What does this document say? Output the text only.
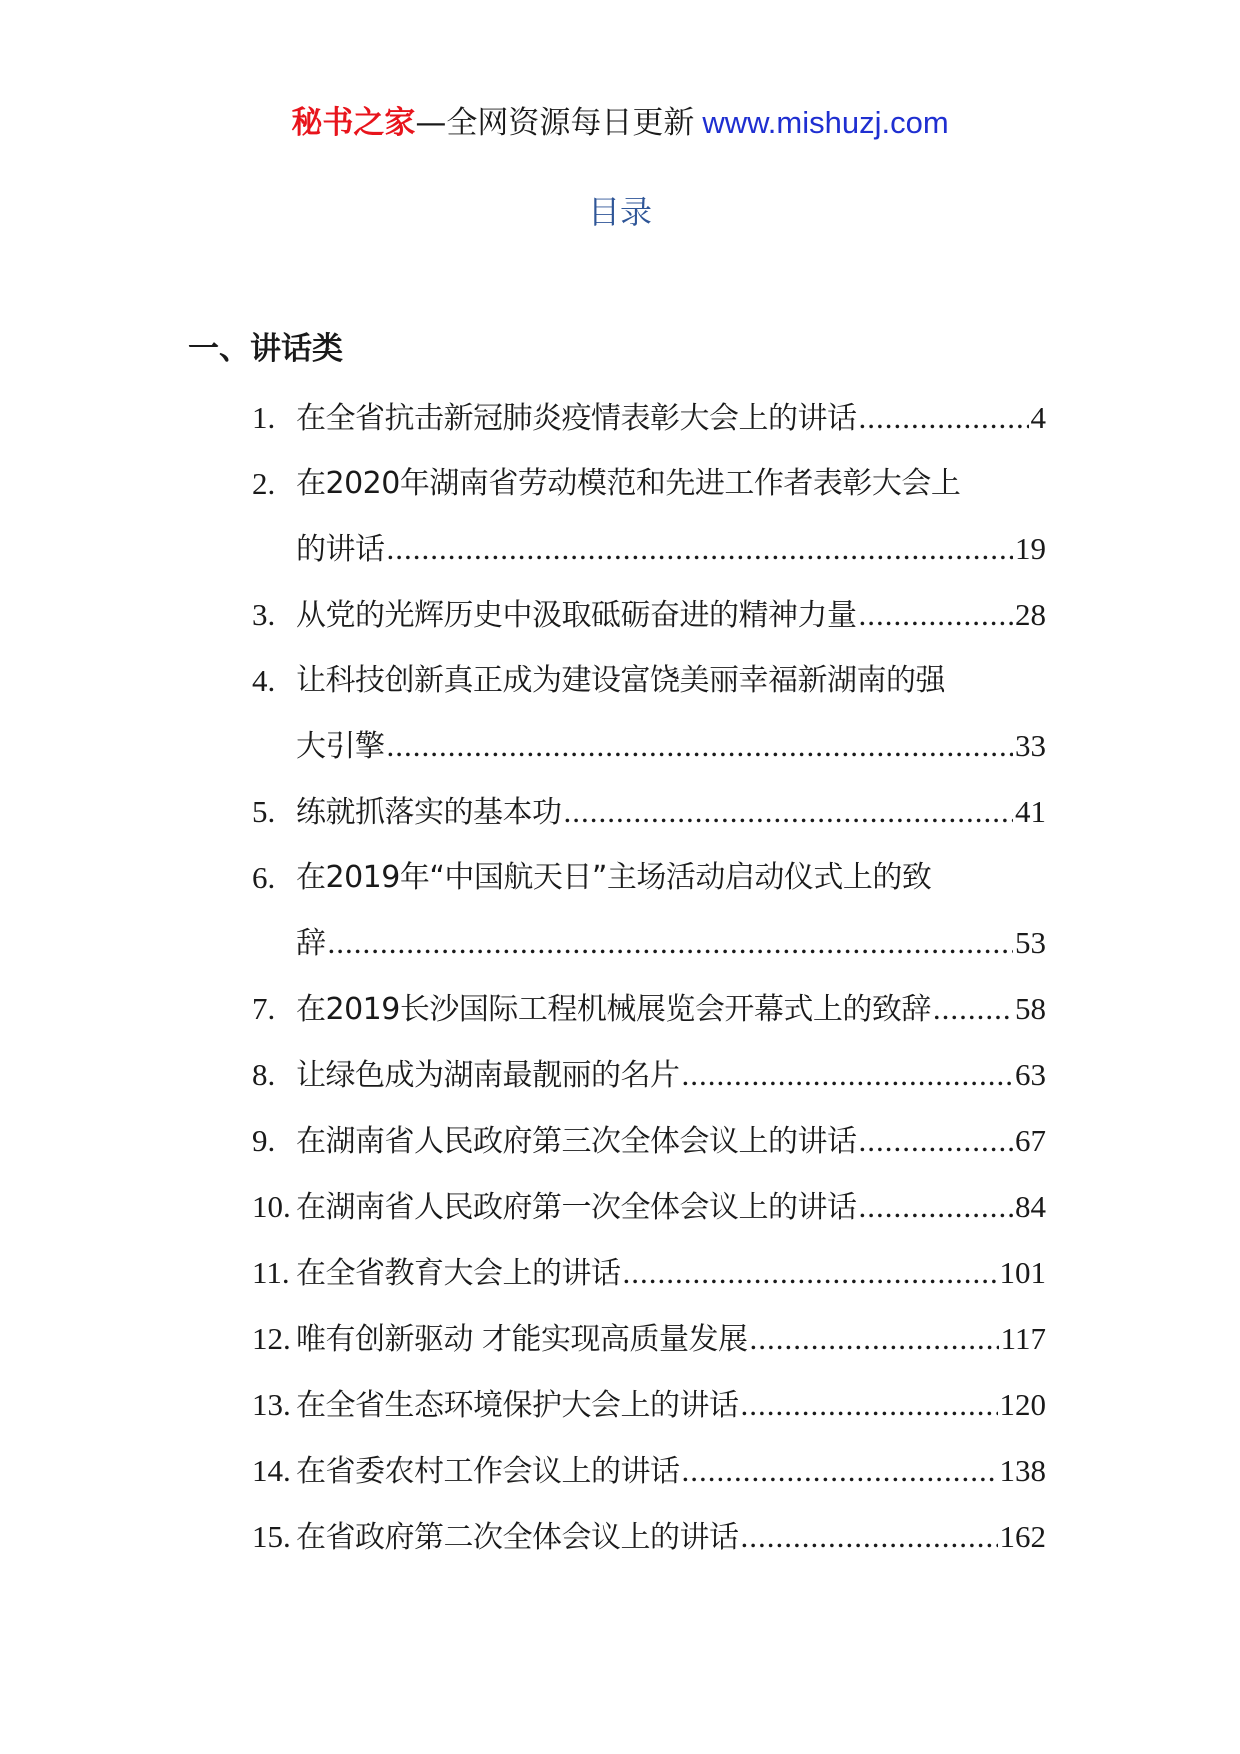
秘书之家—全网资源每日更新 www.mishuzj.com
目录
一、讲话类
1. 在全省抗击新冠肺炎疫情表彰大会上的讲话 .....	4
2. 在2020年湖南省劳动模范和先进工作者表彰大会上
的讲话 .....	19
3. 从党的光辉历史中汲取砥砺奋进的精神力量 .....	28
4. 让科技创新真正成为建设富饶美丽幸福新湖南的强
大引擎 .....	33
5. 练就抓落实的基本功 .....	41
6. 在2019年“中国航天日”主场活动启动仪式上的致
辞 .....	53
7. 在2019长沙国际工程机械展览会开幕式上的致辞 .....	58
8. 让绿色成为湖南最靓丽的名片 .....	63
9. 在湖南省人民政府第三次全体会议上的讲话 .....	67
10. 在湖南省人民政府第一次全体会议上的讲话 .....	84
11. 在全省教育大会上的讲话 .....	101
12. 唯有创新驱动 才能实现高质量发展 .....	117
13. 在全省生态环境保护大会上的讲话 .....	120
14. 在省委农村工作会议上的讲话 .....	138
15. 在省政府第二次全体会议上的讲话 .....	162
